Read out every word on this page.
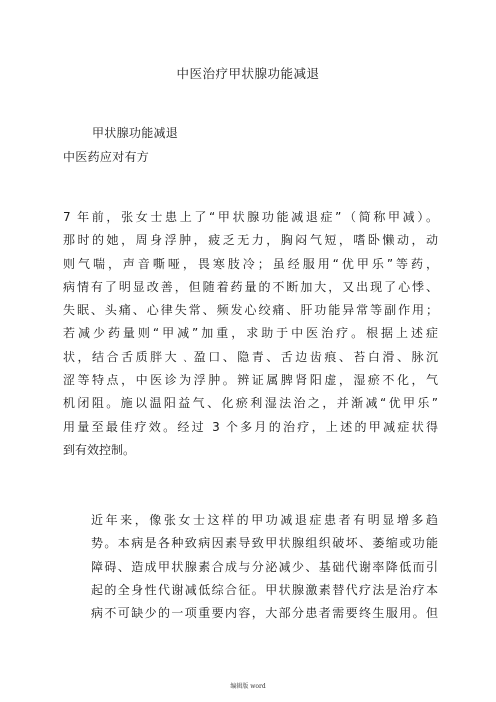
中医治疗甲状腺功能减退
甲状腺功能减退
中医药应对有方
7 年前，张女士患上了“甲状腺功能减退症”（简称甲减）。
那时的她，周身浮肿，疲乏无力，胸闷气短，嗜卧懒动，动
则气喘，声音嘶哑，畏寒肢冷；虽经服用“优甲乐”等药，
病情有了明显改善，但随着药量的不断加大，又出现了心悸、
失眠、头痛、心律失常、频发心绞痛、肝功能异常等副作用；
若减少药量则“甲减”加重，求助于中医治疗。根据上述症
状，结合舌质胖大﹑盈口、隐青、舌边齿痕、苔白滑、脉沉
涩等特点，中医诊为浮肿。辨证属脾肾阳虚，湿瘀不化，气
机闭阻。施以温阳益气、化瘀利湿法治之，并渐减“优甲乐”
用量至最佳疗效。经过 3 个多月的治疗，上述的甲减症状得
到有效控制。
近年来，像张女士这样的甲功减退症患者有明显增多趋
势。本病是各种致病因素导致甲状腺组织破坏、萎缩或功能
障碍、造成甲状腺素合成与分泌减少、基础代谢率降低而引
起的全身性代谢减低综合征。甲状腺激素替代疗法是治疗本
病不可缺少的一项重要内容，大部分患者需要终生服用。但
编辑版 word
